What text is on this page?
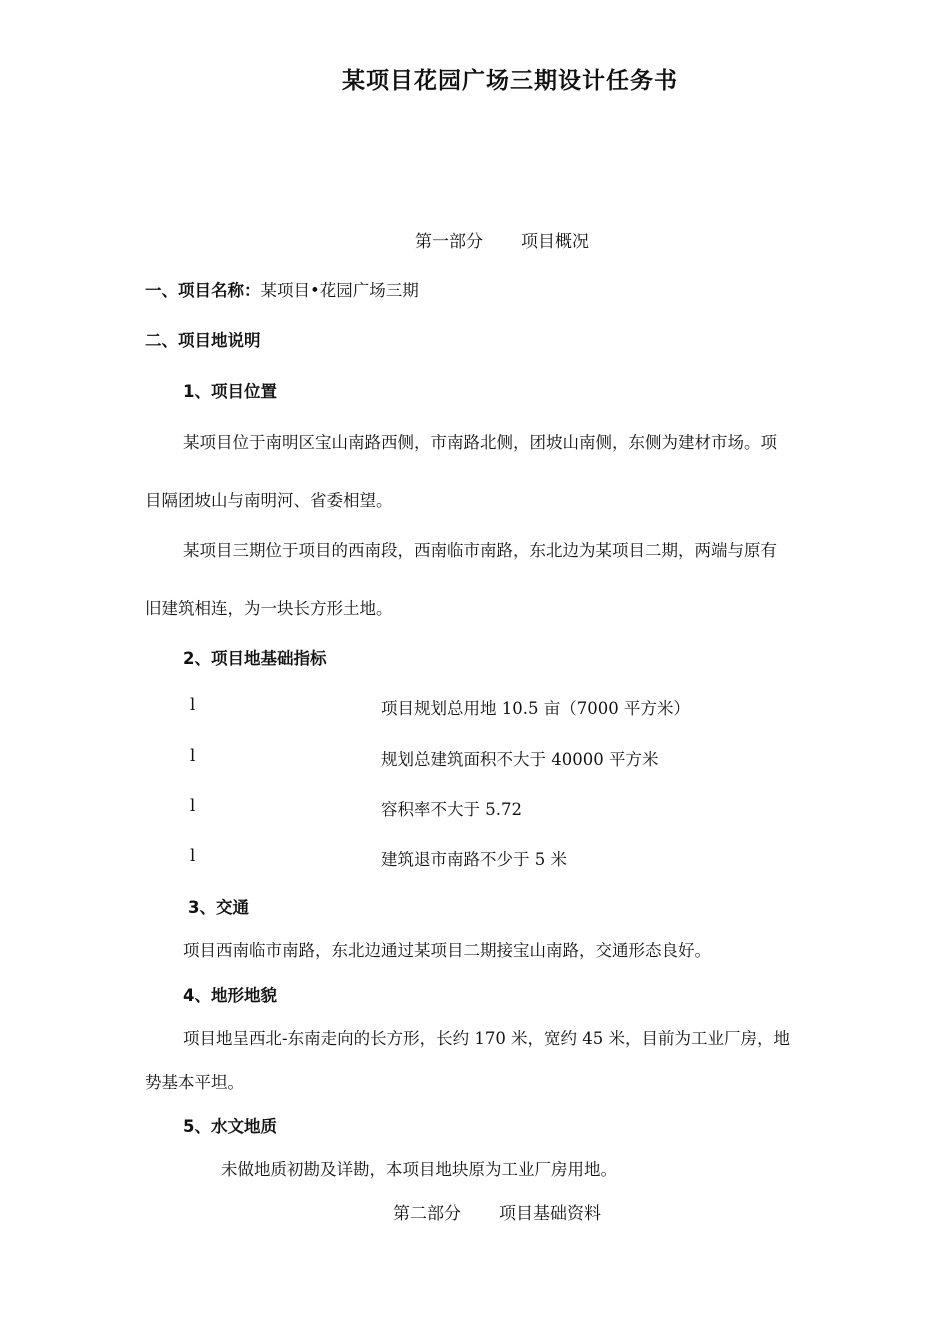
某项目花园广场三期设计任务书
第一部分 项目概况
一、项目名称：某项目•花园广场三期
二、项目地说明
1、项目位置
某项目位于南明区宝山南路西侧，市南路北侧，团坡山南侧，东侧为建材市场。项
目隔团坡山与南明河、省委相望。
某项目三期位于项目的西南段，西南临市南路，东北边为某项目二期，两端与原有
旧建筑相连，为一块长方形土地。
2、项目地基础指标
l	项目规划总用地 10.5 亩（7000 平方米）
l	规划总建筑面积不大于 40000 平方米
l	容积率不大于 5.72
l	建筑退市南路不少于 5 米
3、交通
项目西南临市南路，东北边通过某项目二期接宝山南路，交通形态良好。
4、地形地貌
项目地呈西北-东南走向的长方形，长约 170 米，宽约 45 米，目前为工业厂房，地
势基本平坦。
5、水文地质
未做地质初勘及详勘，本项目地块原为工业厂房用地。
第二部分 项目基础资料
